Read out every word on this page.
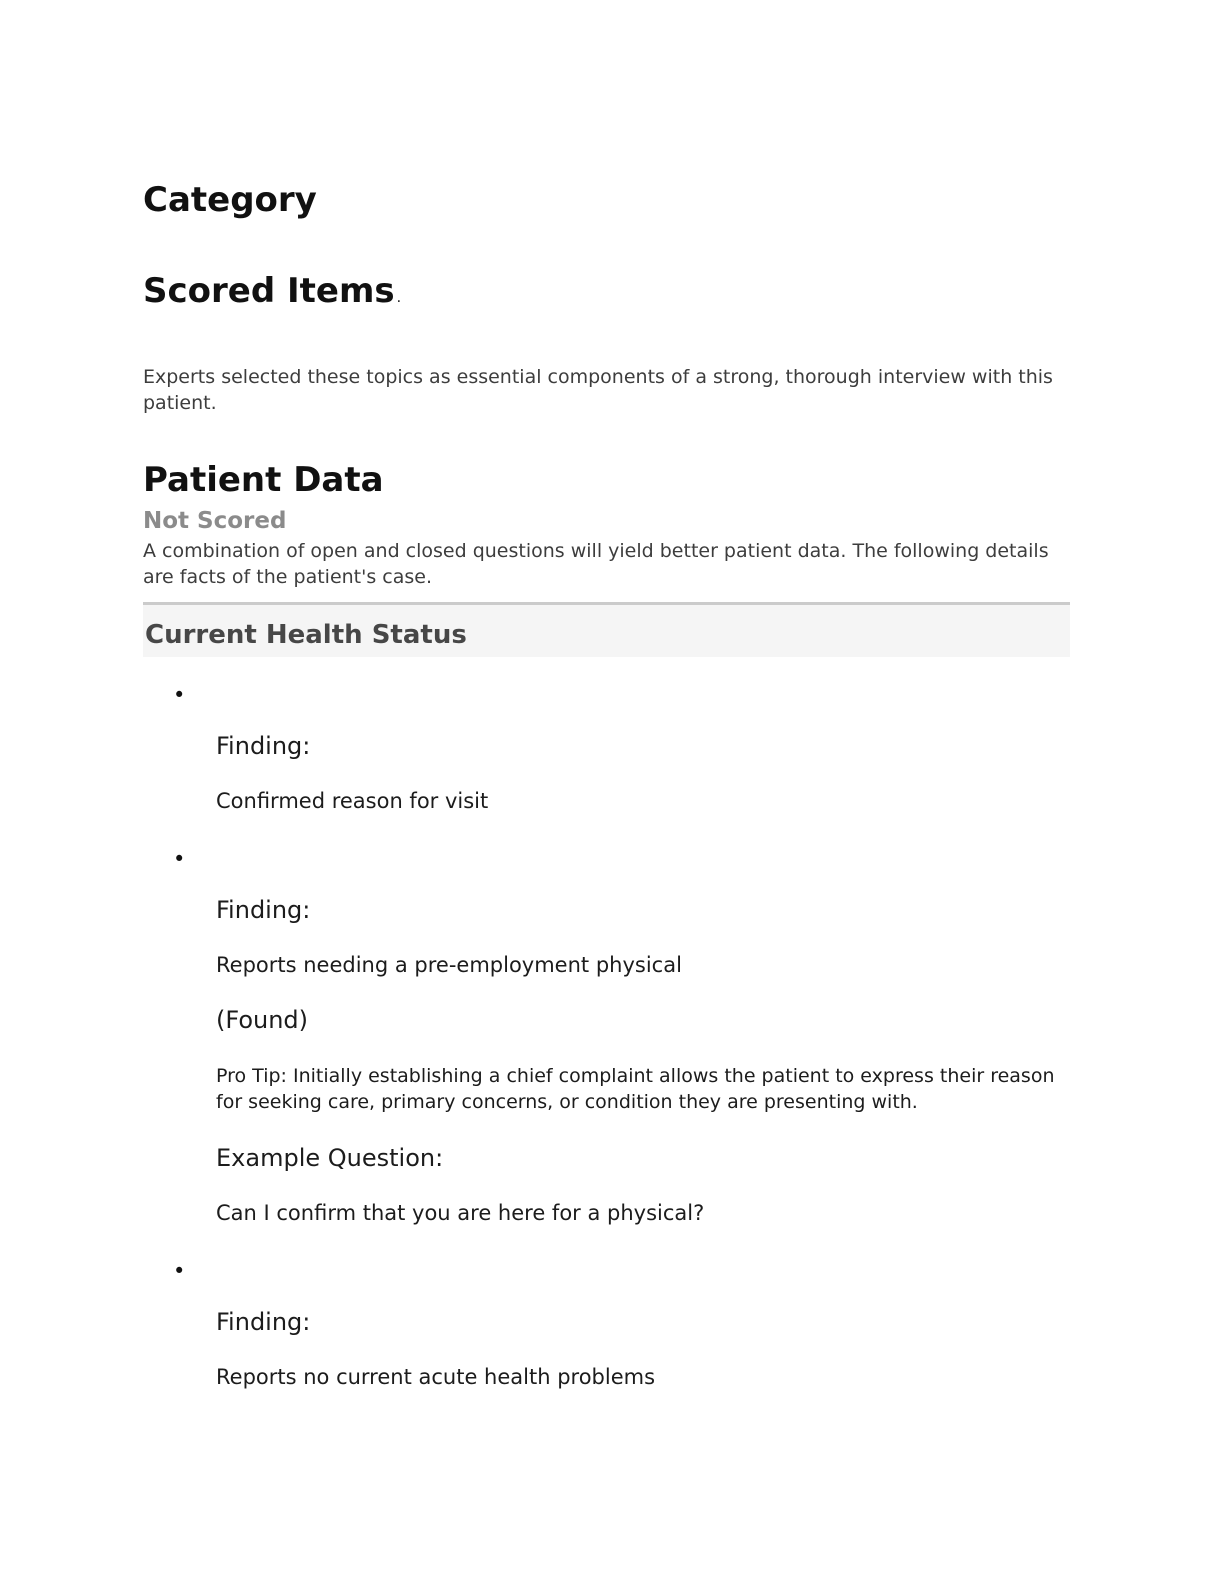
Category
Scored Items .

Experts selected these topics as essential components of a strong, thorough interview with this patient.

Patient Data
Not Scored

A combination of open and closed questions will yield better patient data. The following details are facts of the patient's case.

Current Health Status

• Finding:

Confirmed reason for visit

• Finding:

Reports needing a pre-employment physical

(Found)

Pro Tip: Initially establishing a chief complaint allows the patient to express their reason for seeking care, primary concerns, or condition they are presenting with.

Example Question:

Can I confirm that you are here for a physical?

• Finding:

Reports no current acute health problems
